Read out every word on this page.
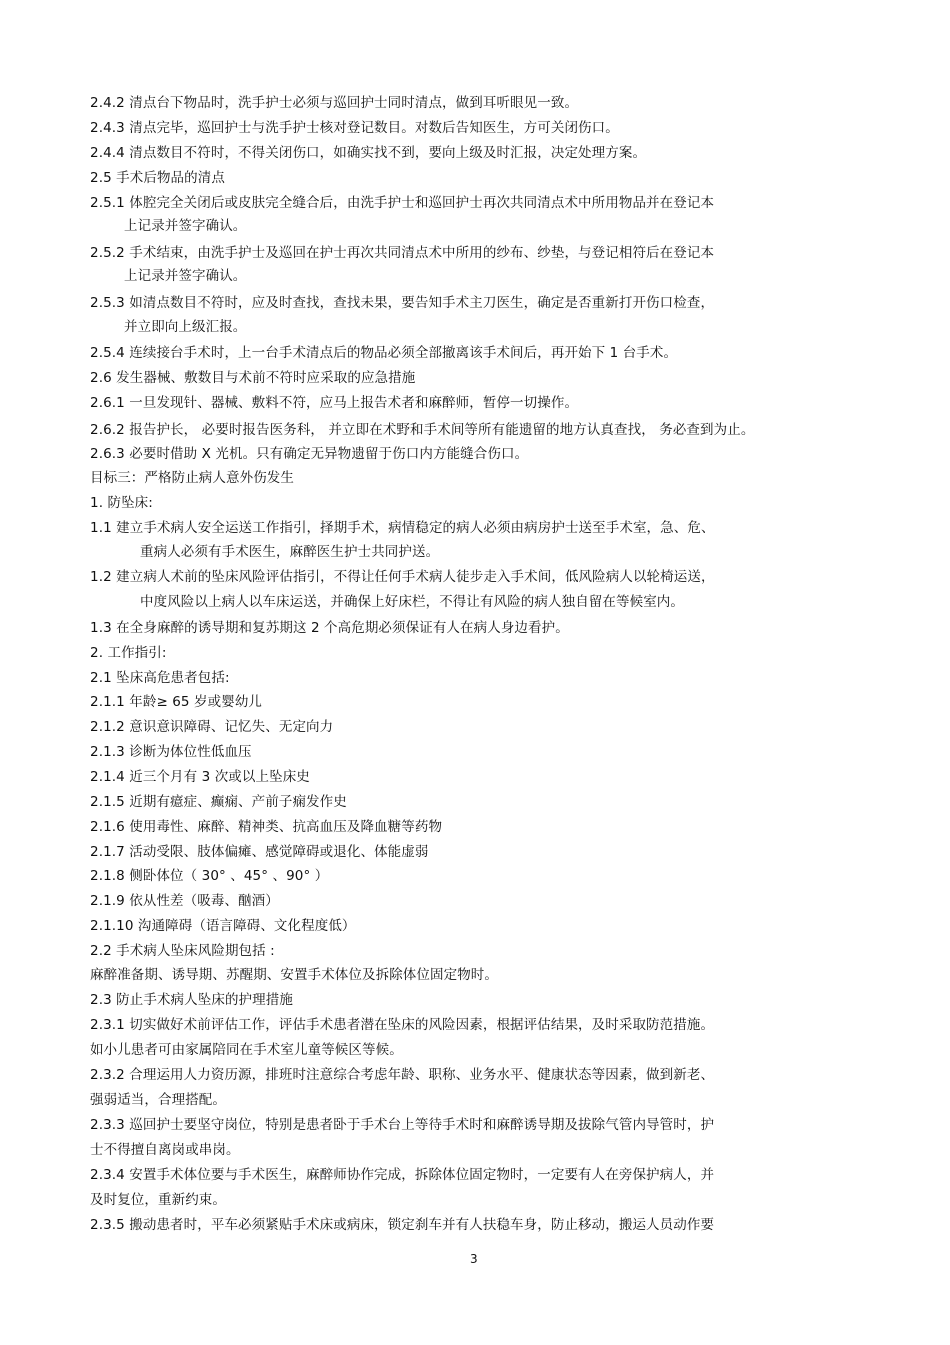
2.4.2 清点台下物品时，洗手护士必须与巡回护士同时清点，做到耳听眼见一致。
2.4.3 清点完毕，巡回护士与洗手护士核对登记数目。对数后告知医生，方可关闭伤口。
2.4.4 清点数目不符时，不得关闭伤口，如确实找不到，要向上级及时汇报，决定处理方案。
2.5 手术后物品的清点
2.5.1 体腔完全关闭后或皮肤完全缝合后，由洗手护士和巡回护士再次共同清点术中所用物品并在登记本
上记录并签字确认。
2.5.2 手术结束，由洗手护士及巡回在护士再次共同清点术中所用的纱布、纱垫，与登记相符后在登记本
上记录并签字确认。
2.5.3 如清点数目不符时，应及时查找，查找未果，要告知手术主刀医生，确定是否重新打开伤口检查，
并立即向上级汇报。
2.5.4 连续接台手术时，上一台手术清点后的物品必须全部撤离该手术间后，再开始下 1 台手术。
2.6 发生器械、敷数目与术前不符时应采取的应急措施
2.6.1 一旦发现针、器械、敷料不符，应马上报告术者和麻醉师，暂停一切操作。
2.6.2 报告护长， 必要时报告医务科， 并立即在术野和手术间等所有能遗留的地方认真查找， 务必查到为止。
2.6.3 必要时借助 X 光机。只有确定无异物遗留于伤口内方能缝合伤口。
目标三：严格防止病人意外伤发生
1. 防坠床:
1.1 建立手术病人安全运送工作指引，择期手术，病情稳定的病人必须由病房护士送至手术室，急、危、
重病人必须有手术医生，麻醉医生护士共同护送。
1.2 建立病人术前的坠床风险评估指引，不得让任何手术病人徒步走入手术间，低风险病人以轮椅运送，
中度风险以上病人以车床运送，并确保上好床栏，不得让有风险的病人独自留在等候室内。
1.3 在全身麻醉的诱导期和复苏期这 2 个高危期必须保证有人在病人身边看护。
2. 工作指引:
2.1 坠床高危患者包括:
2.1.1 年龄≥ 65 岁或婴幼儿
2.1.2 意识意识障碍、记忆失、无定向力
2.1.3 诊断为体位性低血压
2.1.4 近三个月有 3 次或以上坠床史
2.1.5 近期有癔症、癫痫、产前子痫发作史
2.1.6 使用毒性、麻醉、精神类、抗高血压及降血糖等药物
2.1.7 活动受限、肢体偏瘫、感觉障碍或退化、体能虚弱
2.1.8 侧卧体位（ 30° 、45° 、90° ）
2.1.9 依从性差（吸毒、酗酒）
2.1.10 沟通障碍（语言障碍、文化程度低）
2.2 手术病人坠床风险期包括 :
麻醉准备期、诱导期、苏醒期、安置手术体位及拆除体位固定物时。
2.3 防止手术病人坠床的护理措施
2.3.1 切实做好术前评估工作，评估手术患者潜在坠床的风险因素，根据评估结果，及时采取防范措施。
如小儿患者可由家属陪同在手术室儿童等候区等候。
2.3.2 合理运用人力资历源，排班时注意综合考虑年龄、职称、业务水平、健康状态等因素，做到新老、
强弱适当，合理搭配。
2.3.3 巡回护士要坚守岗位，特别是患者卧于手术台上等待手术时和麻醉诱导期及拔除气管内导管时，护
士不得擅自离岗或串岗。
2.3.4 安置手术体位要与手术医生，麻醉师协作完成，拆除体位固定物时，一定要有人在旁保护病人，并
及时复位，重新约束。
2.3.5 搬动患者时，平车必须紧贴手术床或病床，锁定刹车并有人扶稳车身，防止移动，搬运人员动作要
3
